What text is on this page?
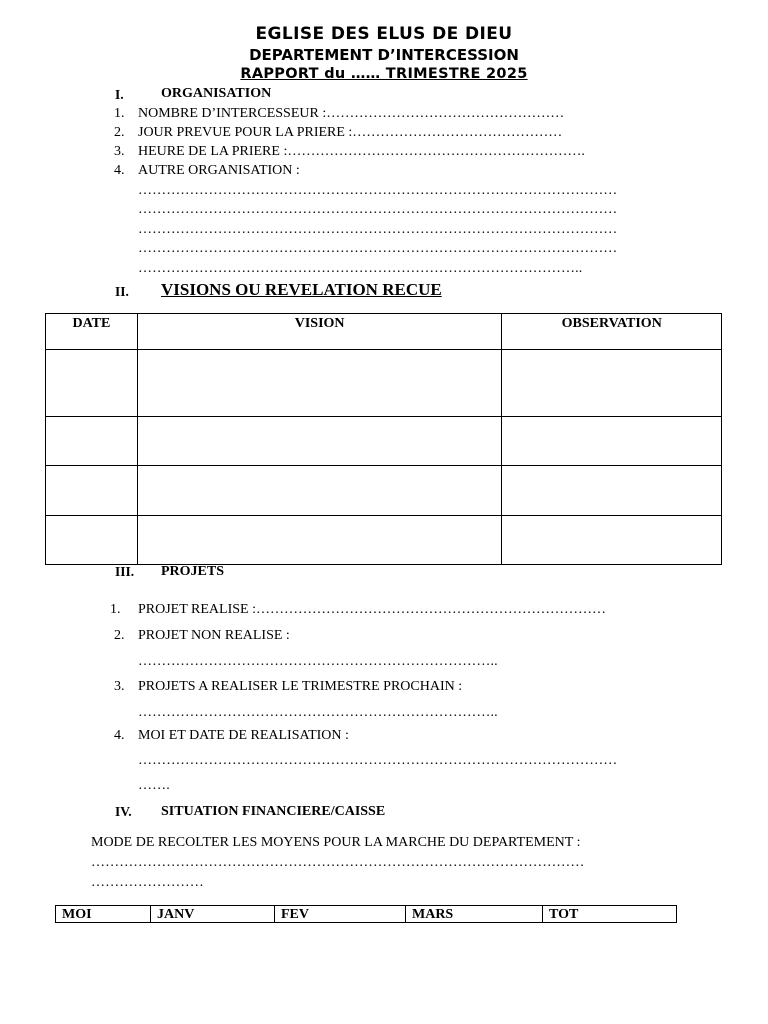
EGLISE DES ELUS DE DIEU
DEPARTEMENT D’INTERCESSION
RAPPORT du …… TRIMESTRE 2025
I.	ORGANISATION
1. NOMBRE D’INTERCESSEUR :……………………………………………
2. JOUR PREVUE POUR LA PRIERE :………………………………………
3. HEURE DE LA PRIERE :……………………………………………………….
4. AUTRE ORGANISATION :
…………………………………………………………………………………………
…………………………………………………………………………………………
…………………………………………………………………………………………
…………………………………………………………………………………………
…………………………………………………………………………………..
II. VISIONS OU REVELATION RECUE
DATE	VISION	OBSERVATION

III. PROJETS
1. PROJET REALISE :…………………………………………………………………
2. PROJET NON REALISE :
…………………………………………………………………..
3. PROJETS A REALISER LE TRIMESTRE PROCHAIN :
…………………………………………………………………..
4. MOI ET DATE DE REALISATION :
…………………………………………………………………………………………
…….
IV. SITUATION FINANCIERE/CAISSE
MODE DE RECOLTER LES MOYENS POUR LA MARCHE DU DEPARTEMENT :
……………………………………………………………………………………………
……………………
MOI	JANV	FEV	MARS	TOT
